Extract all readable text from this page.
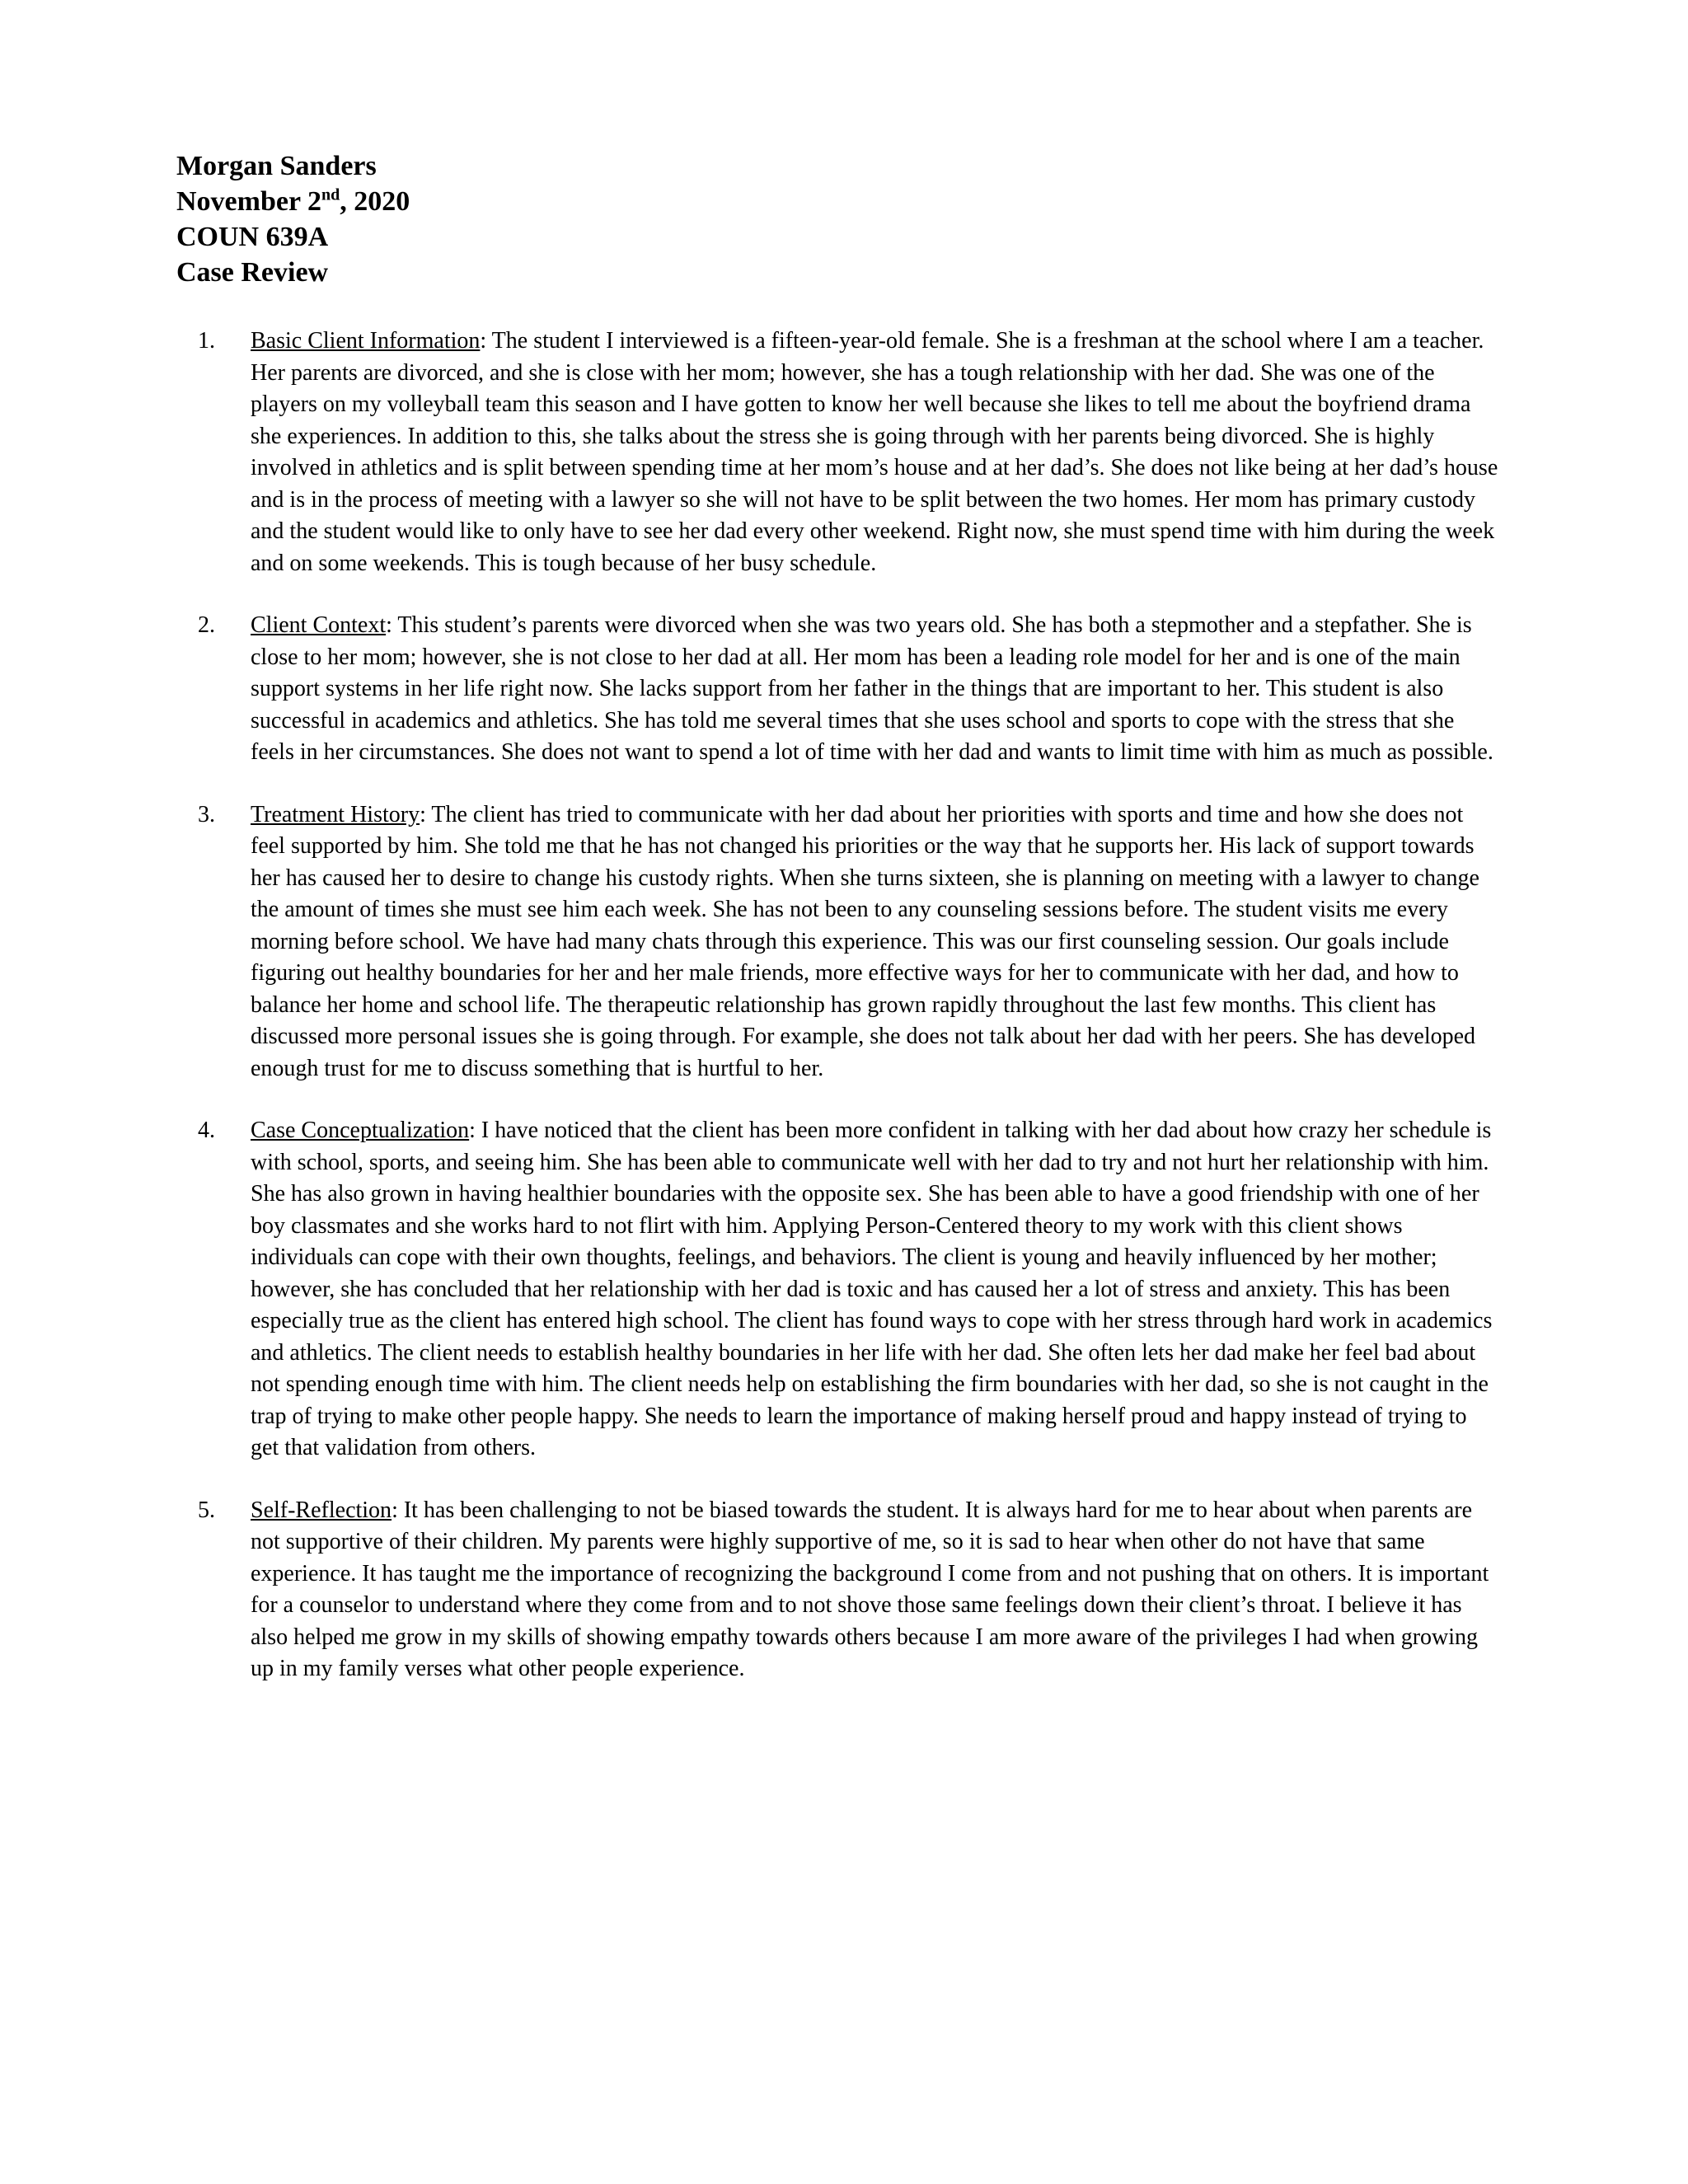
Morgan Sanders
November 2nd, 2020
COUN 639A
Case Review
1. Basic Client Information: The student I interviewed is a fifteen-year-old female. She is a freshman at the school where I am a teacher. Her parents are divorced, and she is close with her mom; however, she has a tough relationship with her dad. She was one of the players on my volleyball team this season and I have gotten to know her well because she likes to tell me about the boyfriend drama she experiences. In addition to this, she talks about the stress she is going through with her parents being divorced. She is highly involved in athletics and is split between spending time at her mom’s house and at her dad’s. She does not like being at her dad’s house and is in the process of meeting with a lawyer so she will not have to be split between the two homes. Her mom has primary custody and the student would like to only have to see her dad every other weekend. Right now, she must spend time with him during the week and on some weekends. This is tough because of her busy schedule.
2. Client Context: This student’s parents were divorced when she was two years old. She has both a stepmother and a stepfather. She is close to her mom; however, she is not close to her dad at all. Her mom has been a leading role model for her and is one of the main support systems in her life right now. She lacks support from her father in the things that are important to her. This student is also successful in academics and athletics. She has told me several times that she uses school and sports to cope with the stress that she feels in her circumstances. She does not want to spend a lot of time with her dad and wants to limit time with him as much as possible.
3. Treatment History: The client has tried to communicate with her dad about her priorities with sports and time and how she does not feel supported by him. She told me that he has not changed his priorities or the way that he supports her. His lack of support towards her has caused her to desire to change his custody rights. When she turns sixteen, she is planning on meeting with a lawyer to change the amount of times she must see him each week. She has not been to any counseling sessions before. The student visits me every morning before school. We have had many chats through this experience. This was our first counseling session. Our goals include figuring out healthy boundaries for her and her male friends, more effective ways for her to communicate with her dad, and how to balance her home and school life. The therapeutic relationship has grown rapidly throughout the last few months. This client has discussed more personal issues she is going through. For example, she does not talk about her dad with her peers. She has developed enough trust for me to discuss something that is hurtful to her.
4. Case Conceptualization: I have noticed that the client has been more confident in talking with her dad about how crazy her schedule is with school, sports, and seeing him. She has been able to communicate well with her dad to try and not hurt her relationship with him. She has also grown in having healthier boundaries with the opposite sex. She has been able to have a good friendship with one of her boy classmates and she works hard to not flirt with him. Applying Person-Centered theory to my work with this client shows individuals can cope with their own thoughts, feelings, and behaviors. The client is young and heavily influenced by her mother; however, she has concluded that her relationship with her dad is toxic and has caused her a lot of stress and anxiety. This has been especially true as the client has entered high school. The client has found ways to cope with her stress through hard work in academics and athletics. The client needs to establish healthy boundaries in her life with her dad. She often lets her dad make her feel bad about not spending enough time with him. The client needs help on establishing the firm boundaries with her dad, so she is not caught in the trap of trying to make other people happy. She needs to learn the importance of making herself proud and happy instead of trying to get that validation from others.
5. Self-Reflection: It has been challenging to not be biased towards the student. It is always hard for me to hear about when parents are not supportive of their children. My parents were highly supportive of me, so it is sad to hear when other do not have that same experience. It has taught me the importance of recognizing the background I come from and not pushing that on others. It is important for a counselor to understand where they come from and to not shove those same feelings down their client’s throat. I believe it has also helped me grow in my skills of showing empathy towards others because I am more aware of the privileges I had when growing up in my family verses what other people experience.
